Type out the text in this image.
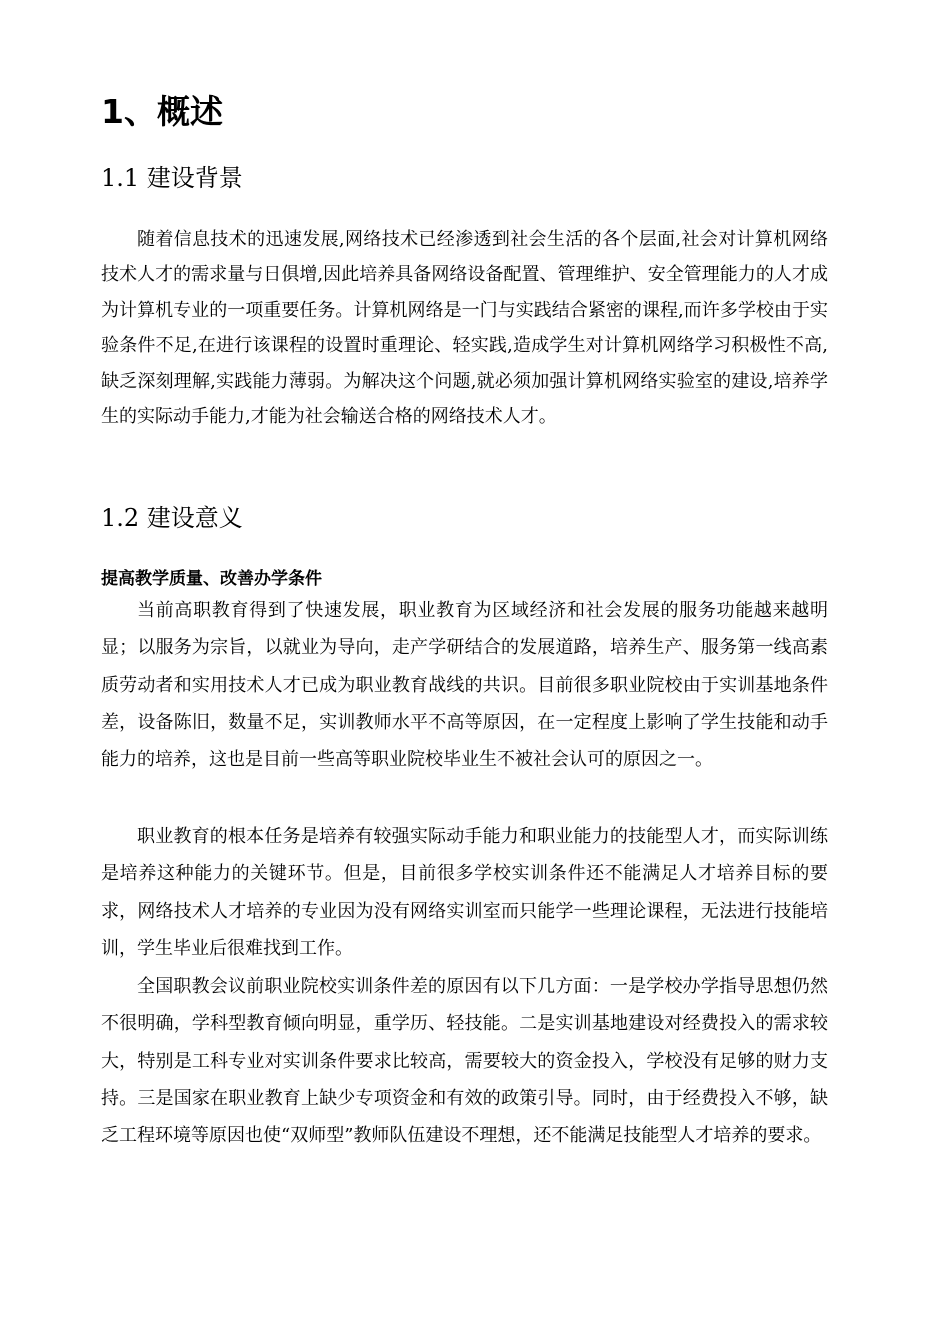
1、概述
1.1 建设背景

随着信息技术的迅速发展,网络技术已经渗透到社会生活的各个层面,社会对计算机网络技术人才的需求量与日俱增,因此培养具备网络设备配置、管理维护、安全管理能力的人才成为计算机专业的一项重要任务。计算机网络是一门与实践结合紧密的课程,而许多学校由于实验条件不足,在进行该课程的设置时重理论、轻实践,造成学生对计算机网络学习积极性不高,缺乏深刻理解,实践能力薄弱。为解决这个问题,就必须加强计算机网络实验室的建设,培养学生的实际动手能力,才能为社会输送合格的网络技术人才。

1.2 建设意义
提高教学质量、改善办学条件

当前高职教育得到了快速发展，职业教育为区域经济和社会发展的服务功能越来越明显；以服务为宗旨，以就业为导向，走产学研结合的发展道路，培养生产、服务第一线高素质劳动者和实用技术人才已成为职业教育战线的共识。目前很多职业院校由于实训基地条件差，设备陈旧，数量不足，实训教师水平不高等原因，在一定程度上影响了学生技能和动手能力的培养，这也是目前一些高等职业院校毕业生不被社会认可的原因之一。

职业教育的根本任务是培养有较强实际动手能力和职业能力的技能型人才，而实际训练是培养这种能力的关键环节。但是，目前很多学校实训条件还不能满足人才培养目标的要求，网络技术人才培养的专业因为没有网络实训室而只能学一些理论课程，无法进行技能培训，学生毕业后很难找到工作。

全国职教会议前职业院校实训条件差的原因有以下几方面：一是学校办学指导思想仍然不很明确，学科型教育倾向明显，重学历、轻技能。二是实训基地建设对经费投入的需求较大，特别是工科专业对实训条件要求比较高，需要较大的资金投入，学校没有足够的财力支持。三是国家在职业教育上缺少专项资金和有效的政策引导。同时，由于经费投入不够，缺乏工程环境等原因也使“双师型”教师队伍建设不理想，还不能满足技能型人才培养的要求。
